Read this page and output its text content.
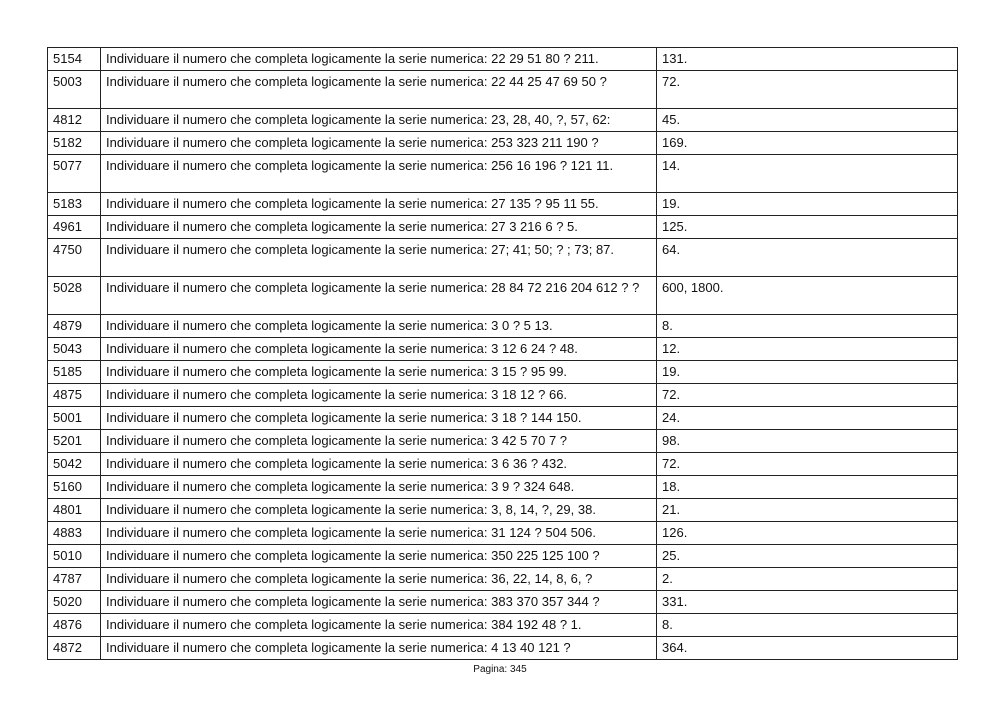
5154	Individuare il numero che completa logicamente la serie numerica: 22 29 51 80 ? 211.	131.
5003	Individuare il numero che completa logicamente la serie numerica: 22 44 25 47 69 50 ?	72.
4812	Individuare il numero che completa logicamente la serie numerica: 23, 28, 40, ?, 57, 62:	45.
5182	Individuare il numero che completa logicamente la serie numerica: 253 323 211 190 ?	169.
5077	Individuare il numero che completa logicamente la serie numerica: 256 16 196 ? 121 11.	14.
5183	Individuare il numero che completa logicamente la serie numerica: 27 135 ? 95 11 55.	19.
4961	Individuare il numero che completa logicamente la serie numerica: 27 3 216 6 ? 5.	125.
4750	Individuare il numero che completa logicamente la serie numerica: 27; 41; 50; ? ; 73; 87.	64.
5028	Individuare il numero che completa logicamente la serie numerica: 28 84 72 216 204 612 ? ?	600, 1800.
4879	Individuare il numero che completa logicamente la serie numerica: 3 0 ? 5 13.	8.
5043	Individuare il numero che completa logicamente la serie numerica: 3 12 6 24 ? 48.	12.
5185	Individuare il numero che completa logicamente la serie numerica: 3 15 ? 95 99.	19.
4875	Individuare il numero che completa logicamente la serie numerica: 3 18 12 ? 66.	72.
5001	Individuare il numero che completa logicamente la serie numerica: 3 18 ? 144 150.	24.
5201	Individuare il numero che completa logicamente la serie numerica: 3 42 5 70 7 ?	98.
5042	Individuare il numero che completa logicamente la serie numerica: 3 6 36 ? 432.	72.
5160	Individuare il numero che completa logicamente la serie numerica: 3 9 ? 324 648.	18.
4801	Individuare il numero che completa logicamente la serie numerica: 3, 8, 14, ?, 29, 38.	21.
4883	Individuare il numero che completa logicamente la serie numerica: 31 124 ? 504 506.	126.
5010	Individuare il numero che completa logicamente la serie numerica: 350 225 125 100 ?	25.
4787	Individuare il numero che completa logicamente la serie numerica: 36, 22, 14, 8, 6, ?	2.
5020	Individuare il numero che completa logicamente la serie numerica: 383 370 357 344 ?	331.
4876	Individuare il numero che completa logicamente la serie numerica: 384 192 48 ? 1.	8.
4872	Individuare il numero che completa logicamente la serie numerica: 4 13 40 121 ?	364.
Pagina: 345
